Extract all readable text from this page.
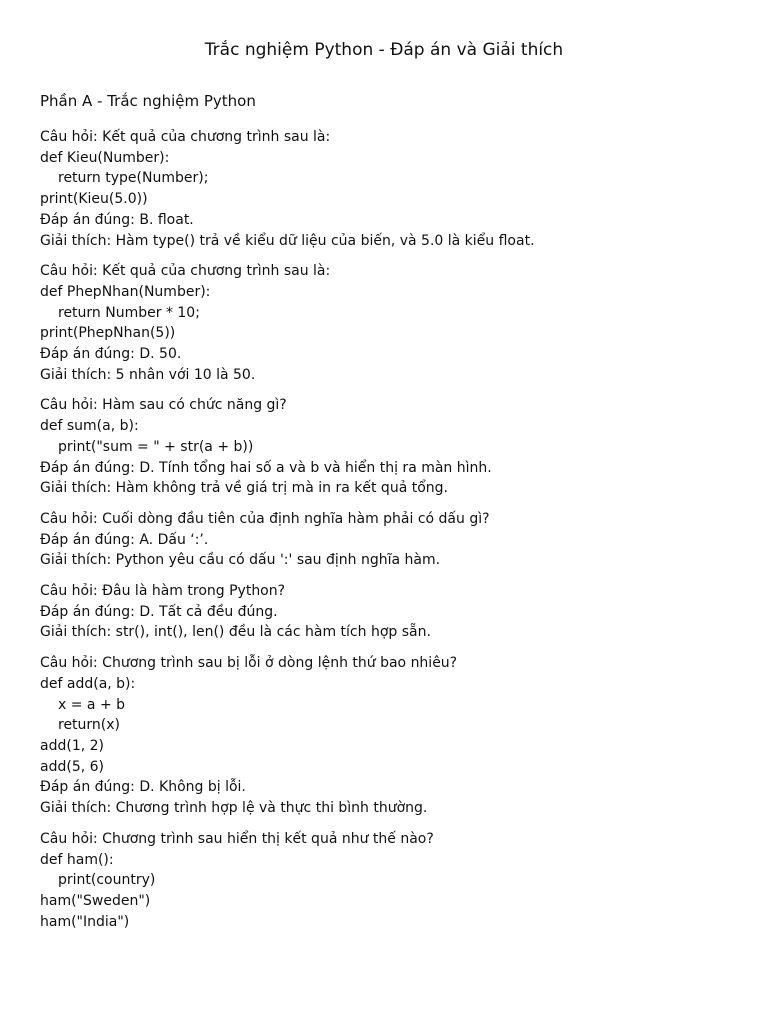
Trắc nghiệm Python - Đáp án và Giải thích
Phần A - Trắc nghiệm Python
Câu hỏi: Kết quả của chương trình sau là:
def Kieu(Number):
return type(Number);
print(Kieu(5.0))
Đáp án đúng: B. float.
Giải thích: Hàm type() trả về kiểu dữ liệu của biến, và 5.0 là kiểu float.
Câu hỏi: Kết quả của chương trình sau là:
def PhepNhan(Number):
return Number * 10;
print(PhepNhan(5))
Đáp án đúng: D. 50.
Giải thích: 5 nhân với 10 là 50.
Câu hỏi: Hàm sau có chức năng gì?
def sum(a, b):
print("sum = " + str(a + b))
Đáp án đúng: D. Tính tổng hai số a và b và hiển thị ra màn hình.
Giải thích: Hàm không trả về giá trị mà in ra kết quả tổng.
Câu hỏi: Cuối dòng đầu tiên của định nghĩa hàm phải có dấu gì?
Đáp án đúng: A. Dấu ‘:’.
Giải thích: Python yêu cầu có dấu ':' sau định nghĩa hàm.
Câu hỏi: Đâu là hàm trong Python?
Đáp án đúng: D. Tất cả đều đúng.
Giải thích: str(), int(), len() đều là các hàm tích hợp sẵn.
Câu hỏi: Chương trình sau bị lỗi ở dòng lệnh thứ bao nhiêu?
def add(a, b):
x = a + b
return(x)
add(1, 2)
add(5, 6)
Đáp án đúng: D. Không bị lỗi.
Giải thích: Chương trình hợp lệ và thực thi bình thường.
Câu hỏi: Chương trình sau hiển thị kết quả như thế nào?
def ham():
print(country)
ham("Sweden")
ham("India")
